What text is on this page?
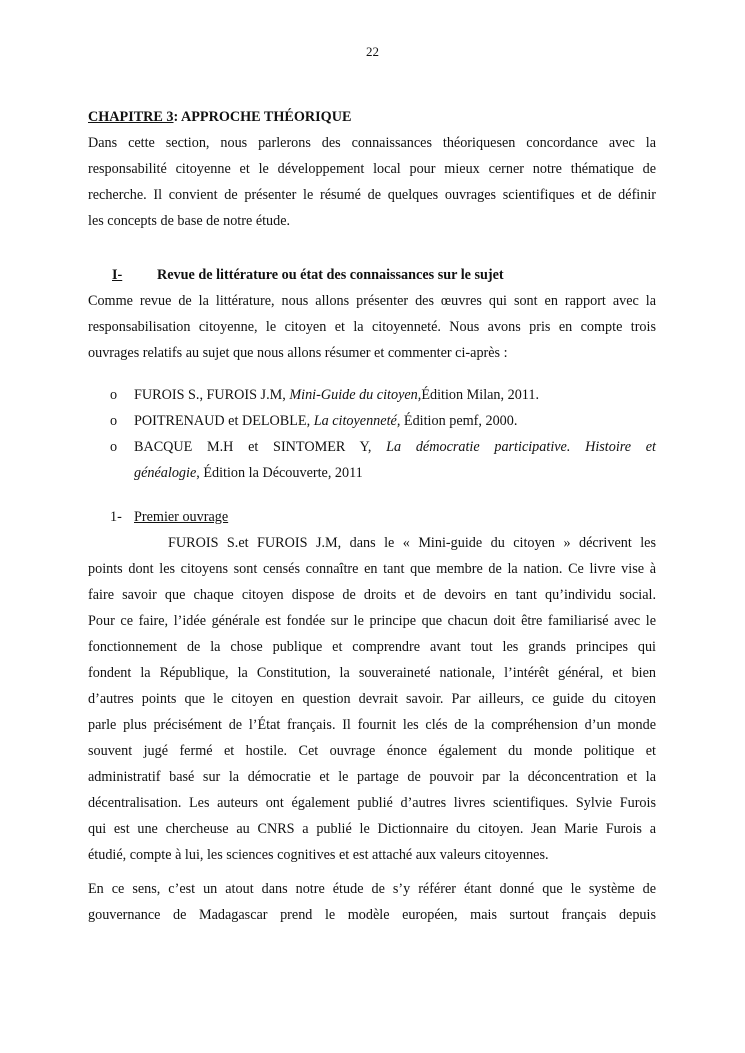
22

CHAPITRE 3: APPROCHE THÉORIQUE

Dans cette section, nous parlerons des connaissances théoriquesen concordance avec la

responsabilité citoyenne et le développement local pour mieux cerner notre thématique de

recherche. Il convient de présenter le résumé de quelques ouvrages scientifiques et de définir

les concepts de base de notre étude.

I-	Revue de littérature ou état des connaissances sur le sujet

Comme revue de la littérature, nous allons présenter des œuvres qui sont en rapport avec la

responsabilisation citoyenne, le citoyen et la citoyenneté. Nous avons pris en compte trois

ouvrages relatifs au sujet que nous allons résumer et commenter ci-après :

o FUROIS S., FUROIS J.M, Mini-Guide du citoyen,Édition Milan, 2011.
o POITRENAUD et DELOBLE, La citoyenneté, Édition pemf, 2000.
o BACQUE M.H et SINTOMER Y, La démocratie participative. Histoire et
généalogie, Édition la Découverte, 2011
1- Premier ouvrage

FUROIS S.et FUROIS J.M, dans le « Mini-guide du citoyen » décrivent les

points dont les citoyens sont censés connaître en tant que membre de la nation. Ce livre vise à

faire savoir que chaque citoyen dispose de droits et de devoirs en tant qu’individu social.

Pour ce faire, l’idée générale est fondée sur le principe que chacun doit être familiarisé avec le

fonctionnement de la chose publique et comprendre avant tout les grands principes qui

fondent la République, la Constitution, la souveraineté nationale, l’intérêt général, et bien

d’autres points que le citoyen en question devrait savoir. Par ailleurs, ce guide du citoyen

parle plus précisément de l’État français. Il fournit les clés de la compréhension d’un monde

souvent jugé fermé et hostile. Cet ouvrage énonce également du monde politique et

administratif basé sur la démocratie et le partage de pouvoir par la déconcentration et la

décentralisation. Les auteurs ont également publié d’autres livres scientifiques. Sylvie Furois

qui est une chercheuse au CNRS a publié le Dictionnaire du citoyen. Jean Marie Furois a

étudié, compte à lui, les sciences cognitives et est attaché aux valeurs citoyennes.

En ce sens, c’est un atout dans notre étude de s’y référer étant donné que le système de

gouvernance de Madagascar prend le modèle européen, mais surtout français depuis
